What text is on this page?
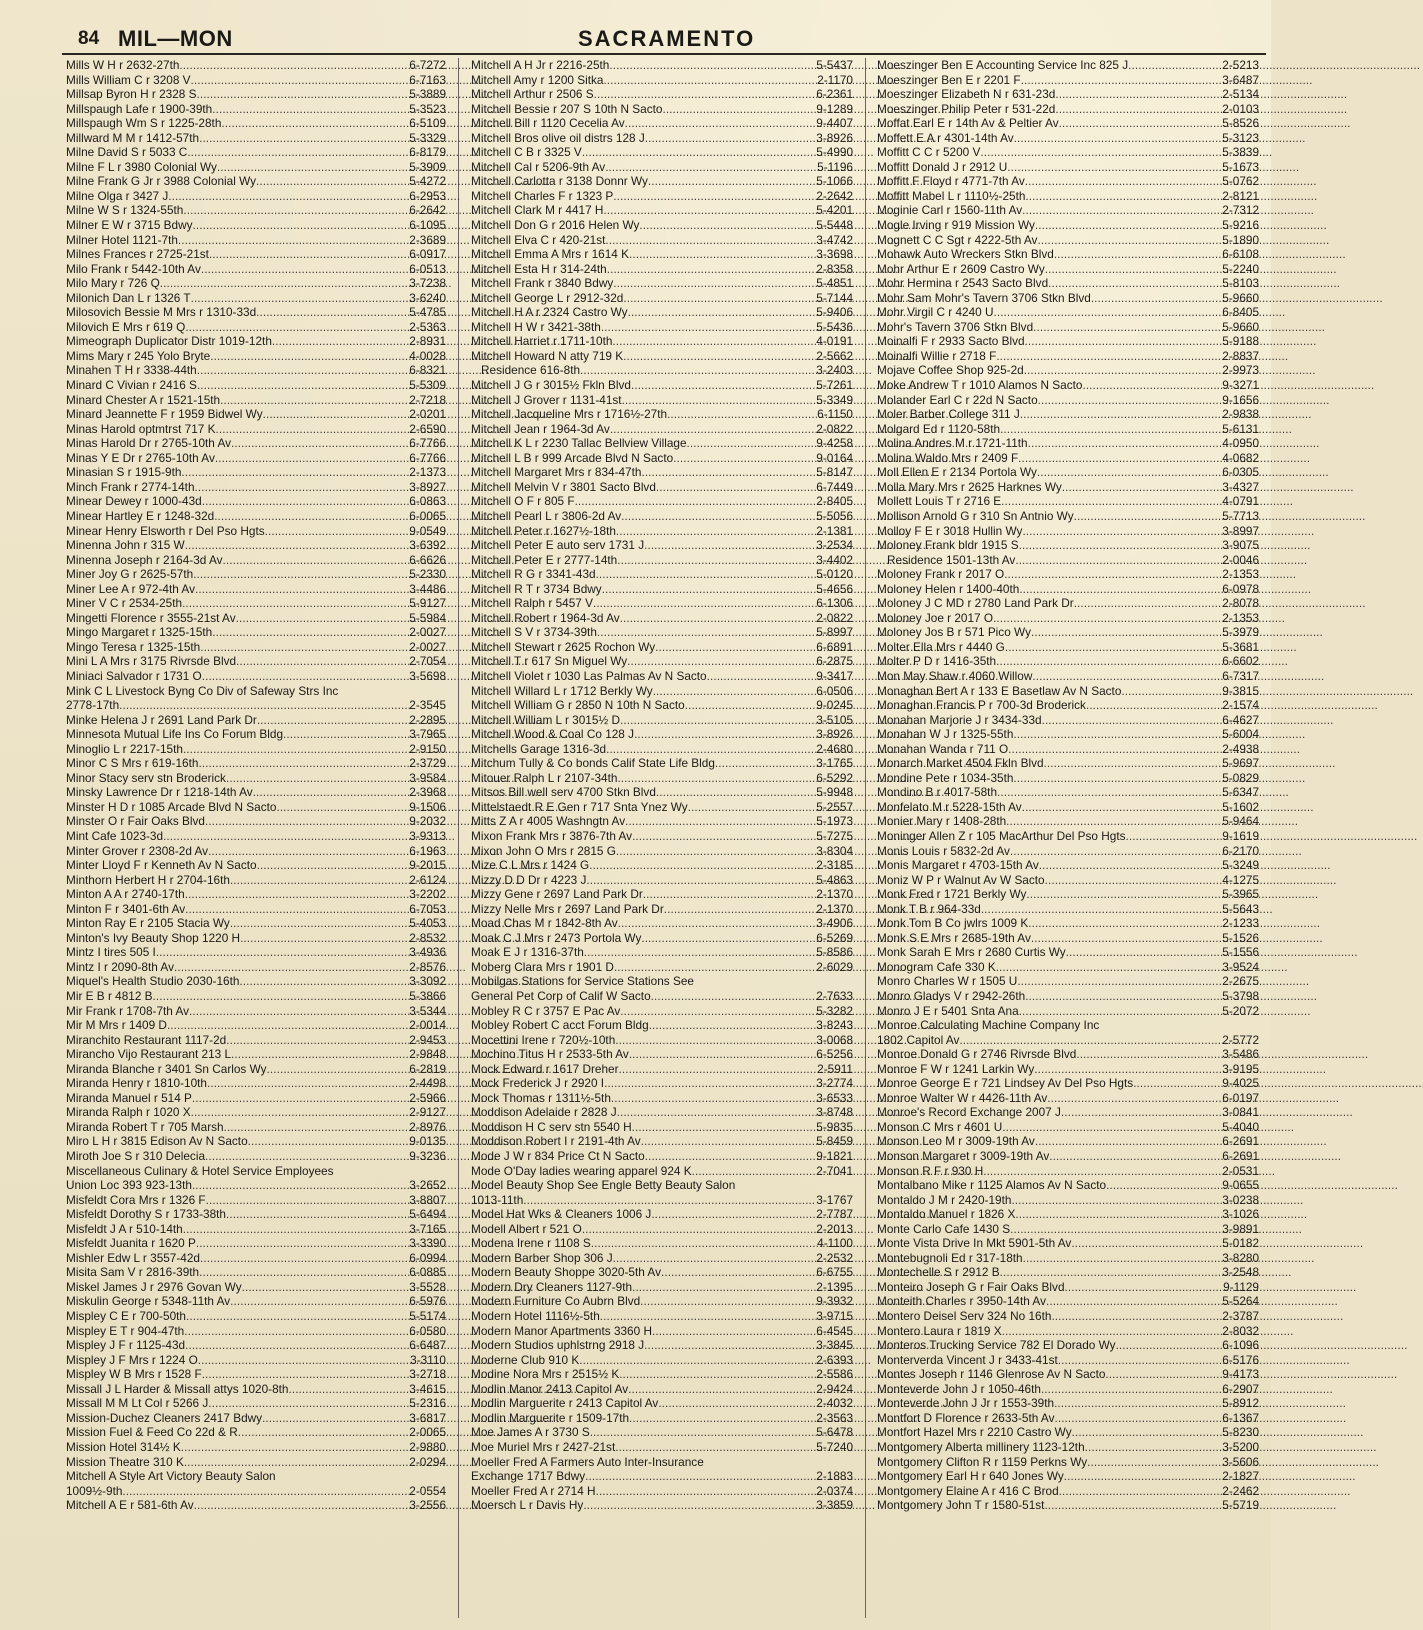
84 MIL—MON	SACRAMENTO
Mills W H r 2632-27th . . .	6-7272
Mills William C r 3208 V . . .	6-7163
Millsap Byron H r 2328 S . . .	5-3889
Millspaugh Lafe r 1900-39th . . .	5-3523
Millspaugh Wm S r 1225-28th . . .	6-5109
Millward M M r 1412-57th . . .	5-3329
Milne David S r 5033 C . . .	6-8179
Milne F L r 3980 Colonial Wy . . .	5-3909
Milne Frank G Jr r 3988 Colonial Wy . . .	5-4272
Milne Olga r 3427 J . . .	6-2953
Milne W S r 1324-55th . . .	6-2642
Milner E W r 3715 Bdwy . . .	6-1095
Milner Hotel 1121-7th . . .	2-3689
Milnes Frances r 2725-21st . . .	6-0917
Milo Frank r 5442-10th Av . . .	6-0513
Milo Mary r 726 Q . . .	3-7238
Milonich Dan L r 1326 T . . .	3-6240
Milosovich Bessie M Mrs r 1310-33d . . .	5-4785
Milovich E Mrs r 619 Q . . .	2-5363
Mimeograph Duplicator Distr 1019-12th . . .	2-8931
Mims Mary r 245 Yolo Bryte . . .	4-0028
Minahen T H r 3338-44th . . .	6-8321
Minard C Vivian r 2416 S . . .	5-5309
Minard Chester A r 1521-15th . . .	2-7218
Minard Jeannette F r 1959 Bidwel Wy . . .	2-0201
Minas Harold optmtrst 717 K . . .	2-6590
Minas Harold Dr r 2765-10th Av . . .	6-7766
Minas Y E Dr r 2765-10th Av . . .	6-7766
Minasian S r 1915-9th . . .	2-1373
Minch Frank r 2774-14th . . .	3-8927
Minear Dewey r 1000-43d . . .	6-0863
Minear Hartley E r 1248-32d . . .	6-0065
Minear Henry Elsworth r Del Pso Hgts . . .	9-0549
Minenna John r 315 W . . .	3-6392
Minenna Joseph r 2164-3d Av . . .	6-6626
Miner Joy G r 2625-57th . . .	5-2330
Miner Lee A r 972-4th Av . . .	3-4486
Miner V C r 2534-25th . . .	5-9127
Mingetti Florence r 3555-21st Av . . .	5-5984
Mingo Margaret r 1325-15th . . .	2-0027
Mingo Teresa r 1325-15th . . .	2-0027
Mini L A Mrs r 3175 Rivrsde Blvd . . .	2-7054
Miniaci Salvador r 1731 O . . .	3-5698
Mink C L Livestock Byng Co Div of Safeway Strs Inc
2778-17th . . .	2-3545
Minke Helena J r 2691 Land Park Dr . . .	2-2895
Minnesota Mutual Life Ins Co Forum Bldg . . .	3-7965
Minoglio L r 2217-15th . . .	2-9150
Minor C S Mrs r 619-16th . . .	2-3729
Minor Stacy serv stn Broderick . . .	3-9584
Minsky Lawrence Dr r 1218-14th Av . . .	2-3968
Minster H D r 1085 Arcade Blvd N Sacto . . .	9-1506
Minster O r Fair Oaks Blvd . . .	9-2032
Mint Cafe 1023-3d . . .	3-9313
Minter Grover r 2308-2d Av . . .	6-1963
Minter Lloyd F r Kenneth Av N Sacto . . .	9-2015
Minthorn Herbert H r 2704-16th . . .	2-6124
Minton A A r 2740-17th . . .	3-2202
Minton F r 3401-6th Av . . .	6-7053
Minton Ray E r 2105 Stacia Wy . . .	5-4053
Minton's Ivy Beauty Shop 1220 H . . .	2-8532
Mintz I tires 505 I . . .	3-4936
Mintz I r 2090-8th Av . . .	2-8576
Miquel's Health Studio 2030-16th . . .	3-3092
Mir E B r 4812 B . . .	5-3866
Mir Frank r 1708-7th Av . . .	3-5344
Mir M Mrs r 1409 D . . .	2-0014
Miranchito Restaurant 1117-2d . . .	2-9453
Mirancho Vijo Restaurant 213 L . . .	2-9848
Miranda Blanche r 3401 Sn Carlos Wy . . .	6-2819
Miranda Henry r 1810-10th . . .	2-4498
Miranda Manuel r 514 P . . .	2-5966
Miranda Ralph r 1020 X . . .	2-9127
Miranda Robert T r 705 Marsh . . .	2-8976
Miro L H r 3815 Edison Av N Sacto . . .	9-0135
Miroth Joe S r 310 Delecia . . .	9-3236
Miscellaneous Culinary & Hotel Service Employees
Union Loc 393 923-13th . . .	3-2652
Misfeldt Cora Mrs r 1326 F . . .	3-8807
Misfeldt Dorothy S r 1733-38th . . .	5-6494
Misfeldt J A r 510-14th . . .	3-7165
Misfeldt Juanita r 1620 P . . .	3-3390
Mishler Edw L r 3557-42d . . .	6-0994
Misita Sam V r 2816-39th . . .	6-0885
Miskel James J r 2976 Govan Wy . . .	3-5528
Miskulin George r 5348-11th Av . . .	6-5976
Mispley C E r 700-50th . . .	5-5174
Mispley E T r 904-47th . . .	6-0580
Mispley J F r 1125-43d . . .	6-6487
Mispley J F Mrs r 1224 O . . .	3-3110
Mispley W B Mrs r 1528 F . . .	3-2718
Missall J L Harder & Missall attys 1020-8th . . .	3-4615
Missall M M Lt Col r 5266 J . . .	5-2316
Mission-Duchez Cleaners 2417 Bdwy . . .	3-6817
Mission Fuel & Feed Co 22d & R . . .	2-0065
Mission Hotel 314½ K . . .	2-9880
Mission Theatre 310 K . . .	2-0294
Mitchell A Style Art Victory Beauty Salon
1009½-9th . . .	2-0554
Mitchell A E r 581-6th Av . . .	3-2556
Mitchell A H Jr r 2216-25th . . .	5-5437
Mitchell Amy r 1200 Sitka . . .	2-1170
Mitchell Arthur r 2506 S . . .	6-2361
Mitchell Bessie r 207 S 10th N Sacto . . .	9-1289
Mitchell Bill r 1120 Cecelia Av . . .	9-4407
Mitchell Bros olive oil distrs 128 J . . .	3-8926
Mitchell C B r 3325 V . . .	5-4990
Mitchell Cal r 5206-9th Av . . .	5-1196
Mitchell Carlotta r 3138 Donnr Wy . . .	5-1066
Mitchell Charles F r 1323 P . . .	2-2642
Mitchell Clark M r 4417 H . . .	5-4201
Mitchell Don G r 2016 Helen Wy . . .	5-5448
Mitchell Elva C r 420-21st . . .	3-4742
Mitchell Emma A Mrs r 1614 K . . .	3-3698
Mitchell Esta H r 314-24th . . .	2-8358
Mitchell Frank r 3840 Bdwy . . .	5-4851
Mitchell George L r 2912-32d . . .	5-7144
Mitchell H A r 2324 Castro Wy . . .	5-9406
Mitchell H W r 3421-38th . . .	5-5436
Mitchell Harriet r 1711-10th . . .	4-0191
Mitchell Howard N atty 719 K . . .	2-5662
Residence 616-8th . . .	3-2403
Mitchell J G r 3015½ Fkln Blvd . . .	5-7261
Mitchell J Grover r 1131-41st . . .	5-3349
Mitchell Jacqueline Mrs r 1716½-27th . . .	6-1150
Mitchell Jean r 1964-3d Av . . .	2-0822
Mitchell K L r 2230 Tallac Bellview Village . . .	9-4258
Mitchell L B r 999 Arcade Blvd N Sacto . . .	9-0164
Mitchell Margaret Mrs r 834-47th . . .	5-8147
Mitchell Melvin V r 3801 Sacto Blvd . . .	6-7449
Mitchell O F r 805 F . . .	2-8405
Mitchell Pearl L r 3806-2d Av . . .	5-5056
Mitchell Peter r 1627½-18th . . .	2-1381
Mitchell Peter E auto serv 1731 J . . .	3-2534
Mitchell Peter E r 2777-14th . . .	3-4402
Mitchell R G r 3341-43d . . .	5-0120
Mitchell R T r 3734 Bdwy . . .	5-4656
Mitchell Ralph r 5457 V . . .	6-1306
Mitchell Robert r 1964-3d Av . . .	2-0822
Mitchell S V r 3734-39th . . .	5-8997
Mitchell Stewart r 2625 Rochon Wy . . .	6-6891
Mitchell T r 617 Sn Miguel Wy . . .	6-2875
Mitchell Violet r 1030 Las Palmas Av N Sacto . . .	9-3417
Mitchell Willard L r 1712 Berkly Wy . . .	6-0506
Mitchell William G r 2850 N 10th N Sacto . . .	9-0245
Mitchell William L r 3015½ D . . .	3-5105
Mitchell Wood & Coal Co 128 J . . .	3-8926
Mitchells Garage 1316-3d . . .	2-4680
Mitchum Tully & Co bonds Calif State Life Bldg . . .	3-1765
Mitouer Ralph L r 2107-34th . . .	6-5292
Mitsos Bill well serv 4700 Stkn Blvd . . .	5-9948
Mittelstaedt R E Gen r 717 Snta Ynez Wy . . .	5-2557
Mitts Z A r 4005 Washngtn Av . . .	5-1973
Mixon Frank Mrs r 3876-7th Av . . .	5-7275
Mixon John O Mrs r 2815 G . . .	3-8304
Mize C L Mrs r 1424 G . . .	2-3185
Mizzy D D Dr r 4223 J . . .	5-4863
Mizzy Gene r 2697 Land Park Dr . . .	2-1370
Mizzy Nelle Mrs r 2697 Land Park Dr . . .	2-1370
Moad Chas M r 1842-8th Av . . .	3-4906
Moak C J Mrs r 2473 Portola Wy . . .	6-5269
Moak E J r 1316-37th . . .	5-8586
Moberg Clara Mrs r 1901 D . . .	2-6029
Mobilgas Stations for Service Stations See
General Pet Corp of Calif W Sacto . . .	2-7633
Mobley R C r 3757 E Pac Av . . .	5-3282
Mobley Robert C acct Forum Bldg . . .	3-8243
Mocettini Irene r 720½-10th . . .	3-0068
Mochino Titus H r 2533-5th Av . . .	6-5256
Mock Edward r 1617 Dreher . . .	2-5911
Mock Frederick J r 2920 I . . .	3-2774
Mock Thomas r 1311½-5th . . .	3-6533
Moddison Adelaide r 2828 J . . .	3-8748
Moddison H C serv stn 5540 H . . .	5-9835
Moddison Robert I r 2191-4th Av . . .	5-8459
Mode J W r 834 Price Ct N Sacto . . .	9-1821
Mode O'Day ladies wearing apparel 924 K . . .	2-7041
Model Beauty Shop See Engle Betty Beauty Salon
1013-11th . . .	3-1767
Model Hat Wks & Cleaners 1006 J . . .	2-7787
Modell Albert r 521 O . . .	2-2013
Modena Irene r 1108 S . . .	4-1100
Modern Barber Shop 306 J . . .	2-2532
Modern Beauty Shoppe 3020-5th Av . . .	6-6755
Modern Dry Cleaners 1127-9th . . .	2-1395
Modern Furniture Co Aubrn Blvd . . .	9-3932
Modern Hotel 1116½-5th . . .	3-9715
Modern Manor Apartments 3360 H . . .	6-4545
Modern Studios uphlstrng 2918 J . . .	3-3845
Moderne Club 910 K . . .	2-6393
Modine Nora Mrs r 2515½ K . . .	2-5586
Modlin Manor 2413 Capitol Av . . .	2-9424
Modlin Marguerite r 2413 Capitol Av . . .	2-4032
Modlin Marguerite r 1509-17th . . .	2-3563
Moe James A r 3730 S . . .	5-6478
Moe Muriel Mrs r 2427-21st . . .	5-7240
Moeller Fred A Farmers Auto Inter-Insurance
Exchange 1717 Bdwy . . .	2-1883
Moeller Fred A r 2714 H . . .	2-0374
Moersch L r Davis Hy . . .	3-3859
Moeszinger Ben E Accounting Service Inc 825 J . . .	2-5213
Moeszinger Ben E r 2201 F . . .	3-6487
Moeszinger Elizabeth N r 631-23d . . .	2-5134
Moeszinger Philip Peter r 531-22d . . .	2-0103
Moffat Earl E r 14th Av & Peltier Av . . .	5-8526
Moffett E A r 4301-14th Av . . .	5-3123
Moffitt C C r 5200 V . . .	5-3839
Moffitt Donald J r 2912 U . . .	5-1673
Moffitt F Floyd r 4771-7th Av . . .	5-0762
Moffitt Mabel L r 1110½-25th . . .	2-8121
Moginie Carl r 1560-11th Av . . .	2-7312
Mogle Irving r 919 Mission Wy . . .	5-9216
Mognett C C Sgt r 4222-5th Av . . .	5-1890
Mohawk Auto Wreckers Stkn Blvd . . .	6-6108
Mohr Arthur E r 2609 Castro Wy . . .	5-2240
Mohr Hermina r 2543 Sacto Blvd . . .	5-8103
Mohr Sam Mohr's Tavern 3706 Stkn Blvd . . .	5-9660
Mohr Virgil C r 4240 U . . .	6-8405
Mohr's Tavern 3706 Stkn Blvd . . .	5-9660
Moinalfi F r 2933 Sacto Blvd . . .	5-9188
Moinalfi Willie r 2718 F . . .	2-8837
Mojave Coffee Shop 925-2d . . .	2-9973
Moke Andrew T r 1010 Alamos N Sacto . . .	9-3271
Molander Earl C r 22d N Sacto . . .	9-1656
Moler Barber College 311 J . . .	2-9838
Molgard Ed r 1120-58th . . .	5-6131
Molina Andres M r 1721-11th . . .	4-0950
Molina Waldo Mrs r 2409 F . . .	4-0682
Moll Ellen E r 2134 Portola Wy . . .	6-0305
Molla Mary Mrs r 2625 Harknes Wy . . .	3-4327
Mollett Louis T r 2716 E . . .	4-0791
Mollison Arnold G r 310 Sn Antnio Wy . . .	5-7713
Molloy F E r 3018 Hullin Wy . . .	3-8997
Moloney Frank bldr 1915 S . . .	3-9075
Residence 1501-13th Av . . .	2-0046
Moloney Frank r 2017 O . . .	2-1353
Moloney Helen r 1400-40th . . .	6-0978
Moloney J C MD r 2780 Land Park Dr . . .	2-8078
Moloney Joe r 2017 O . . .	2-1353
Moloney Jos B r 571 Pico Wy . . .	5-3979
Molter Ella Mrs r 4440 G . . .	5-3681
Molter P D r 1416-35th . . .	6-6602
Mon May Shaw r 4060 Willow . . .	6-7317
Monaghan Bert A r 133 E Basetlaw Av N Sacto . . .	9-3815
Monaghan Francis P r 700-3d Broderick . . .	2-1574
Monahan Marjorie J r 3434-33d . . .	6-4627
Monahan W J r 1325-55th . . .	5-6004
Monahan Wanda r 711 O . . .	2-4938
Monarch Market 4504 Fkln Blvd . . .	5-9697
Mondine Pete r 1034-35th . . .	5-0829
Mondino B r 4017-58th . . .	5-6347
Monfelato M r 5228-15th Av . . .	5-1602
Monier Mary r 1408-28th . . .	5-9464
Moninger Allen Z r 105 MacArthur Del Pso Hgts . . .	9-1619
Monis Louis r 5832-2d Av . . .	6-2170
Monis Margaret r 4703-15th Av . . .	5-3249
Moniz W P r Walnut Av W Sacto . . .	4-1275
Monk Fred r 1721 Berkly Wy . . .	5-3965
Monk T B r 964-33d . . .	5-5643
Monk Tom B Co jwlrs 1009 K . . .	2-1233
Monk S E Mrs r 2685-19th Av . . .	5-1526
Monk Sarah E Mrs r 2680 Curtis Wy . . .	5-1556
Monogram Cafe 330 K . . .	3-9524
Monro Charles W r 1505 U . . .	2-2675
Monro Gladys V r 2942-26th . . .	5-3798
Monro J E r 5401 Snta Ana . . .	5-2072
Monroe Calculating Machine Company Inc
1802 Capitol Av . . .	2-5772
Monroe Donald G r 2746 Rivrsde Blvd . . .	3-5486
Monroe F W r 1241 Larkin Wy . . .	3-9195
Monroe George E r 721 Lindsey Av Del Pso Hgts . . .	9-4025
Monroe Walter W r 4426-11th Av . . .	6-0197
Monroe's Record Exchange 2007 J . . .	3-0841
Monson C Mrs r 4601 U . . .	5-4040
Monson Leo M r 3009-19th Av . . .	6-2691
Monson Margaret r 3009-19th Av . . .	6-2691
Monson R F r 930 H . . .	2-0531
Montalbano Mike r 1125 Alamos Av N Sacto . . .	9-0655
Montaldo J M r 2420-19th . . .	3-0238
Montaldo Manuel r 1826 X . . .	3-1026
Monte Carlo Cafe 1430 S . . .	3-9891
Monte Vista Drive In Mkt 5901-5th Av . . .	5-0182
Montebugnoli Ed r 317-18th . . .	3-8280
Montechelle S r 2912 B . . .	3-2548
Monteiro Joseph G r Fair Oaks Blvd . . .	9-1129
Monteith Charles r 3950-14th Av . . .	5-5264
Montero Deisel Serv 324 No 16th . . .	2-3787
Montero Laura r 1819 X . . .	2-8032
Monteros Trucking Service 782 El Dorado Wy . . .	6-1096
Monterverda Vincent J r 3433-41st . . .	6-5176
Montes Joseph r 1146 Glenrose Av N Sacto . . .	9-4173
Monteverde John J r 1050-46th . . .	6-2907
Monteverde John J Jr r 1553-39th . . .	5-8912
Montfort D Florence r 2633-5th Av . . .	6-1367
Montfort Hazel Mrs r 2210 Castro Wy . . .	5-8230
Montgomery Alberta millinery 1123-12th . . .	3-5200
Montgomery Clifton R r 1159 Perkns Wy . . .	3-5606
Montgomery Earl H r 640 Jones Wy . . .	2-1827
Montgomery Elaine A r 416 C Brod . . .	2-2462
Montgomery John T r 1580-51st . . .	5-5719
